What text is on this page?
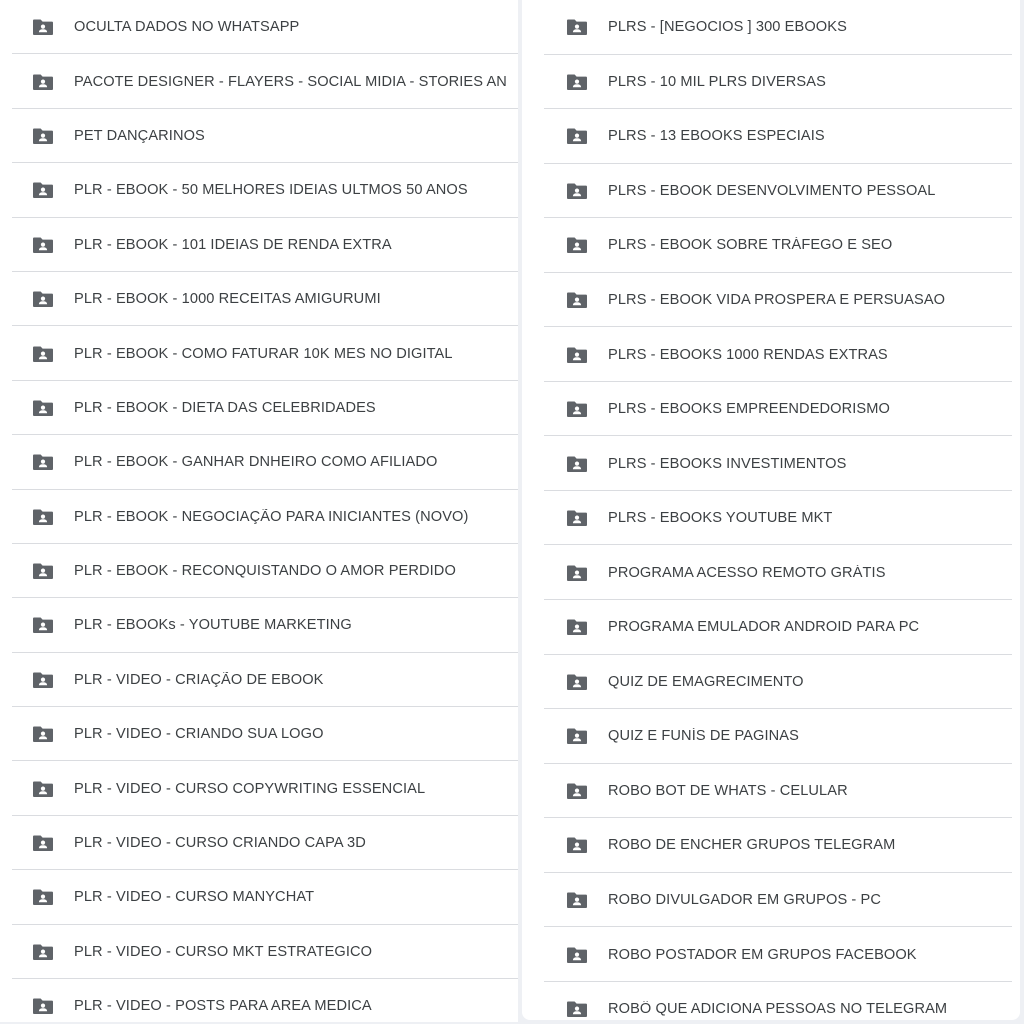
OCULTA DADOS NO WHATSAPP
PACOTE DESIGNER - FLAYERS - SOCIAL MIDIA - STORIES AN
PET DANÇARINOS
PLR - EBOOK - 50 MELHORES IDEIAS ULTMOS 50 ANOS
PLR - EBOOK - 101 IDEIAS DE RENDA EXTRA
PLR - EBOOK - 1000 RECEITAS AMIGURUMI
PLR - EBOOK - COMO FATURAR 10K MES NO DIGITAL
PLR - EBOOK - DIETA DAS CELEBRIDADES
PLR - EBOOK - GANHAR DNHEIRO COMO AFILIADO
PLR - EBOOK - NEGOCIAÇÃO PARA INICIANTES (NOVO)
PLR - EBOOK - RECONQUISTANDO O AMOR PERDIDO
PLR - EBOOKs - YOUTUBE MARKETING
PLR - VIDEO - CRIAÇÃO DE EBOOK
PLR - VIDEO - CRIANDO SUA LOGO
PLR - VIDEO - CURSO COPYWRITING ESSENCIAL
PLR - VIDEO - CURSO CRIANDO CAPA 3D
PLR - VIDEO - CURSO MANYCHAT
PLR - VIDEO - CURSO MKT ESTRATEGICO
PLR - VIDEO - POSTS PARA AREA MEDICA
PLRS - [NEGOCIOS ] 300 EBOOKS
PLRS - 10 MIL PLRS DIVERSAS
PLRS - 13 EBOOKS ESPECIAIS
PLRS - EBOOK DESENVOLVIMENTO PESSOAL
PLRS - EBOOK SOBRE TRÁFEGO E SEO
PLRS - EBOOK VIDA PROSPERA E PERSUASAO
PLRS - EBOOKS 1000 RENDAS EXTRAS
PLRS - EBOOKS EMPREENDEDORISMO
PLRS - EBOOKS INVESTIMENTOS
PLRS - EBOOKS YOUTUBE MKT
PROGRAMA ACESSO REMOTO GRÁTIS
PROGRAMA EMULADOR ANDROID PARA PC
QUIZ DE EMAGRECIMENTO
QUIZ E FUNÍS DE PAGINAS
ROBO BOT DE WHATS - CELULAR
ROBO DE ENCHER GRUPOS TELEGRAM
ROBO DIVULGADOR EM GRUPOS - PC
ROBO POSTADOR EM GRUPOS FACEBOOK
ROBÔ QUE ADICIONA PESSOAS NO TELEGRAM
